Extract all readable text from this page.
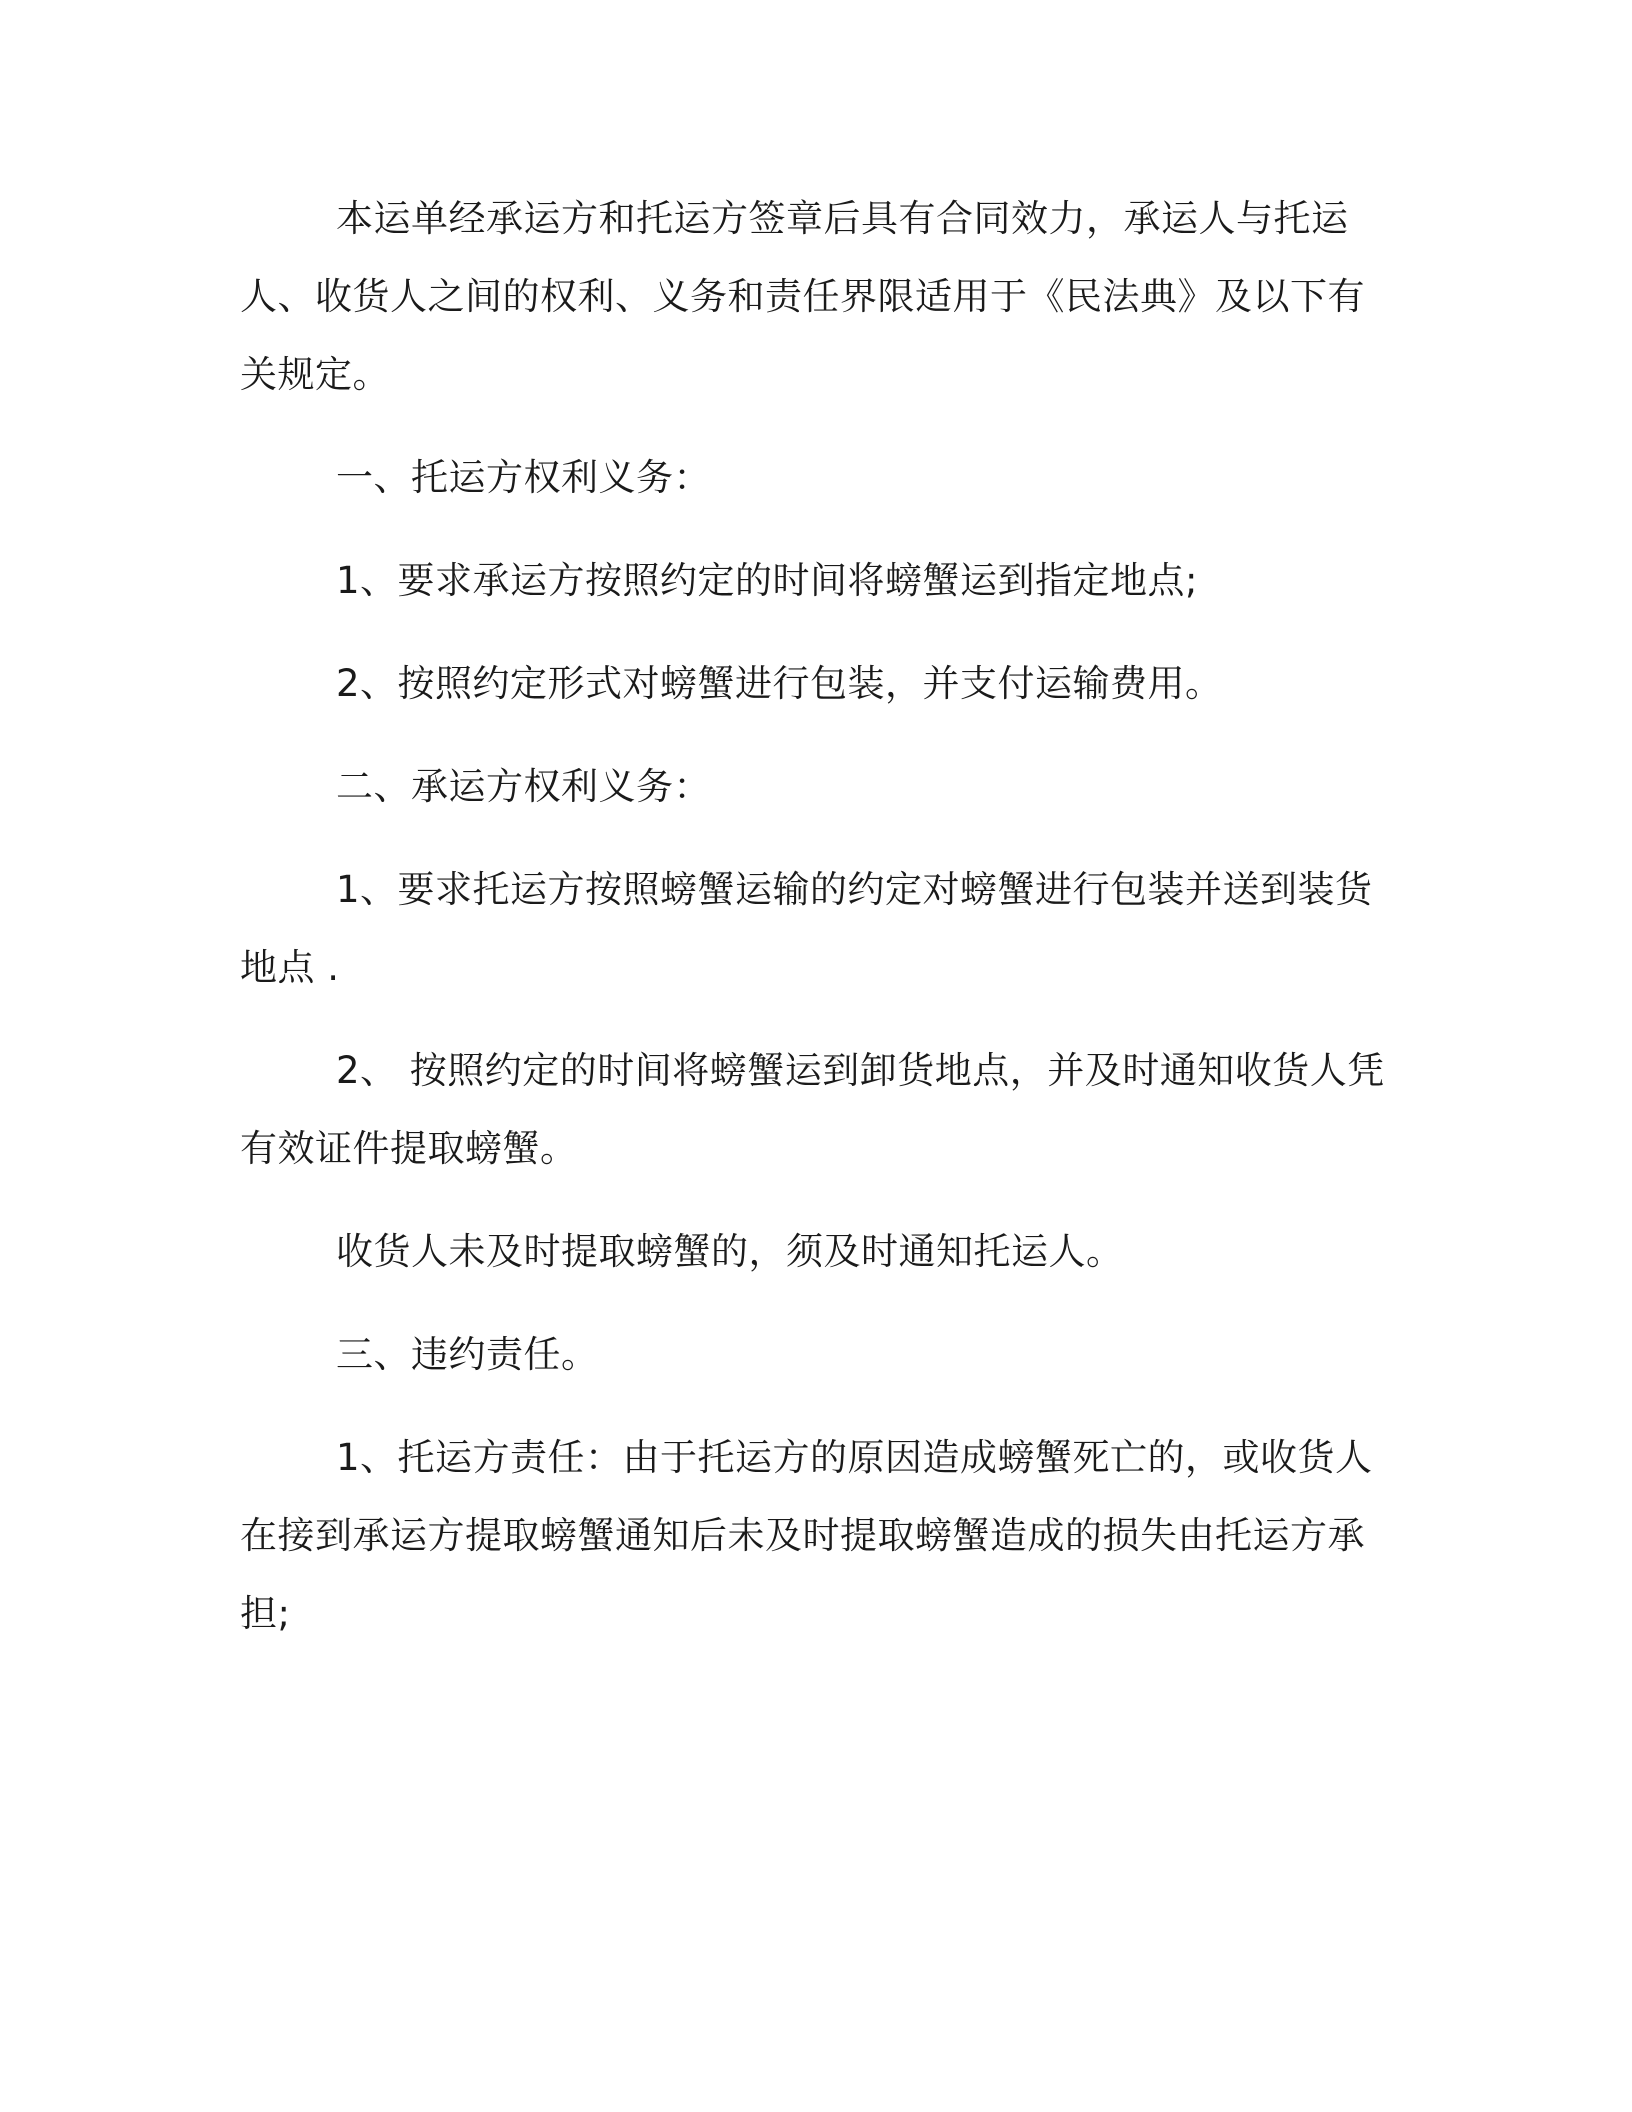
本运单经承运方和托运方签章后具有合同效力，承运人与托运人、收货人之间的权利、义务和责任界限适用于《民法典》及以下有关规定。

一、托运方权利义务：

1、要求承运方按照约定的时间将螃蟹运到指定地点;

2、按照约定形式对螃蟹进行包装，并支付运输费用。

二、承运方权利义务：

1、要求托运方按照螃蟹运输的约定对螃蟹进行包装并送到装货地点 .

2、 按照约定的时间将螃蟹运到卸货地点，并及时通知收货人凭有效证件提取螃蟹。

收货人未及时提取螃蟹的，须及时通知托运人。

三、违约责任。

1、托运方责任：由于托运方的原因造成螃蟹死亡的，或收货人在接到承运方提取螃蟹通知后未及时提取螃蟹造成的损失由托运方承担;
